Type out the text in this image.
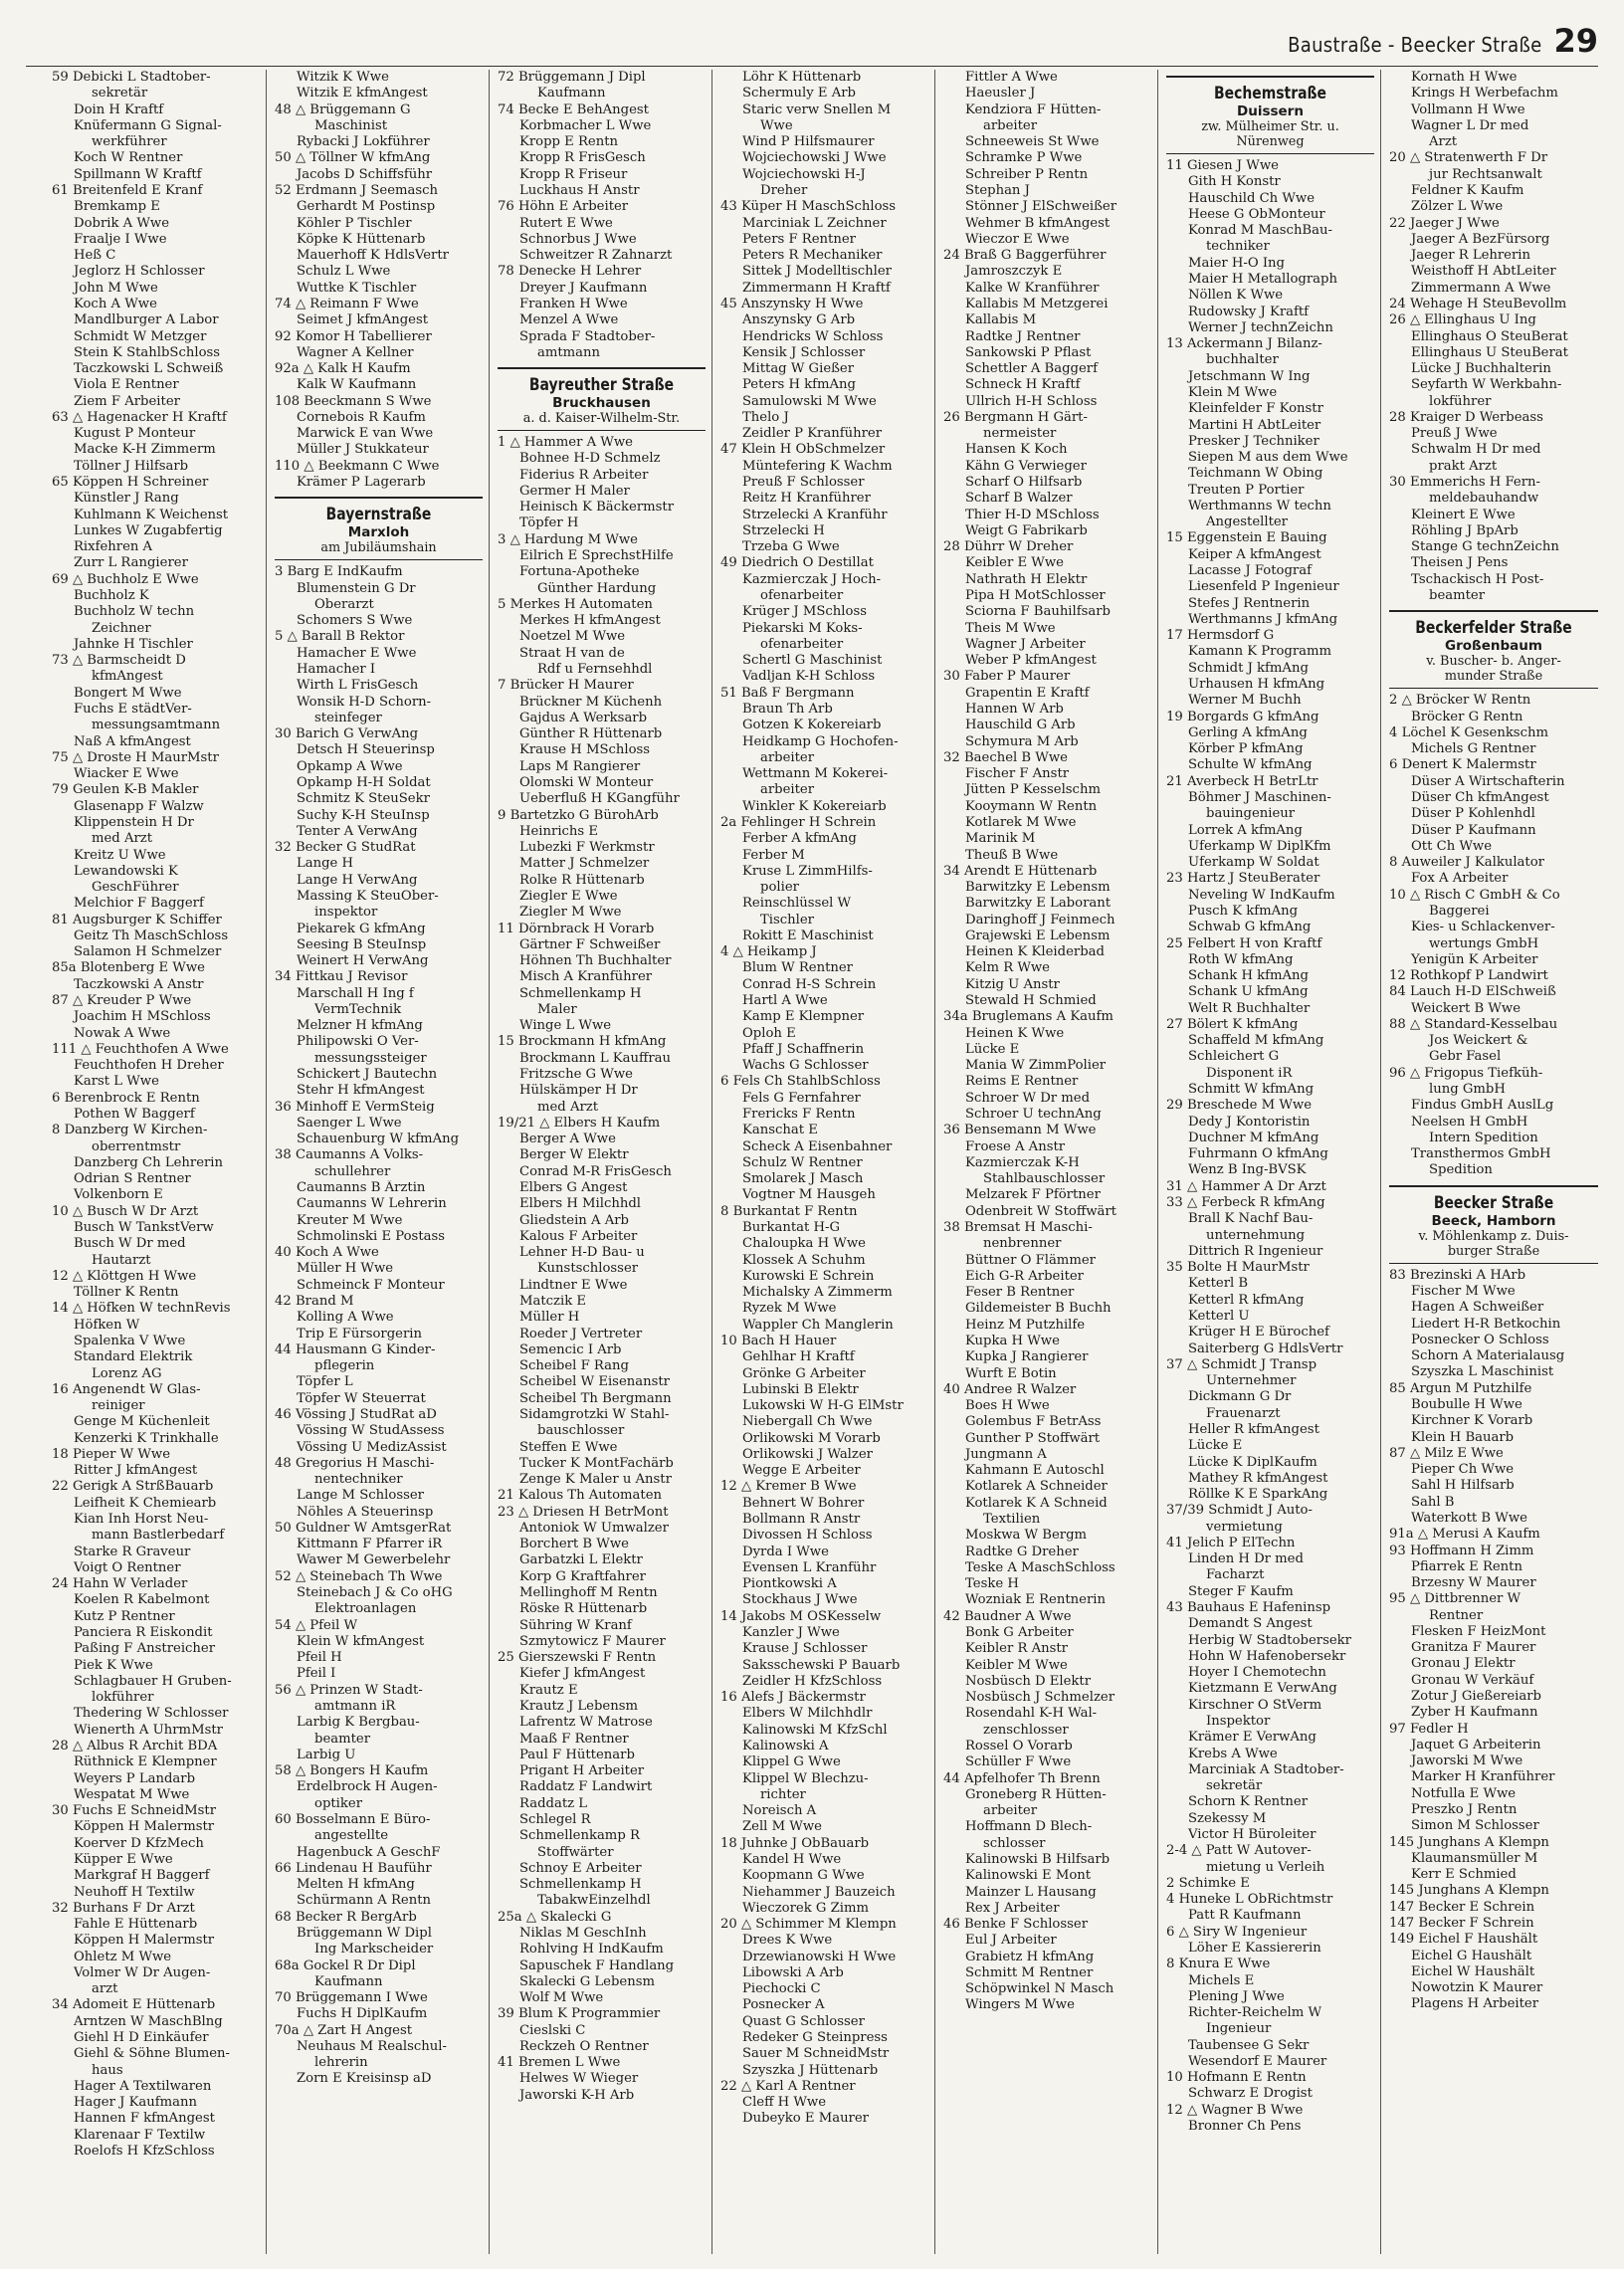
Baustraße - Beecker Straße 29
59 Debicki L Stadtober-
sekretär
Doin H Kraftf
Knüfermann G Signal-
werkführer
Koch W Rentner
Spillmann W Kraftf
61 Breitenfeld E Kranf
Bremkamp E
Dobrik A Wwe
Fraalje I Wwe
Heß C
Jeglorz H Schlosser
John M Wwe
Koch A Wwe
Mandlburger A Labor
Schmidt W Metzger
Stein K StahlbSchloss
Taczkowski L Schweiß
Viola E Rentner
Ziem F Arbeiter
63 △ Hagenacker H Kraftf
Kugust P Monteur
Macke K-H Zimmerm
Töllner J Hilfsarb
65 Köppen H Schreiner
Künstler J Rang
Kuhlmann K Weichenst
Lunkes W Zugabfertig
Rixfehren A
Zurr L Rangierer
69 △ Buchholz E Wwe
Buchholz K
Buchholz W techn
Zeichner
Jahnke H Tischler
73 △ Barmscheidt D
kfmAngest
Bongert M Wwe
Fuchs E städtVer-
messungsamtmann
Naß A kfmAngest
75 △ Droste H MaurMstr
Wiacker E Wwe
79 Geulen K-B Makler
Glasenapp F Walzw
Klippenstein H Dr
med Arzt
Kreitz U Wwe
Lewandowski K
GeschFührer
Melchior F Baggerf
81 Augsburger K Schiffer
Geitz Th MaschSchloss
Salamon H Schmelzer
85a Blotenberg E Wwe
Taczkowski A Anstr
87 △ Kreuder P Wwe
Joachim H MSchloss
Nowak A Wwe
111 △ Feuchthofen A Wwe
Feuchthofen H Dreher
Karst L Wwe
6 Berenbrock E Rentn
Pothen W Baggerf
8 Danzberg W Kirchen-
oberrentmstr
Danzberg Ch Lehrerin
Odrian S Rentner
Volkenborn E
10 △ Busch W Dr Arzt
Busch W TankstVerw
Busch W Dr med
Hautarzt
12 △ Klöttgen H Wwe
Töllner K Rentn
14 △ Höfken W technRevis
Höfken W
Spalenka V Wwe
Standard Elektrik
Lorenz AG
16 Angenendt W Glas-
reiniger
Genge M Küchenleit
Kenzerki K Trinkhalle
18 Pieper W Wwe
Ritter J kfmAngest
22 Gerigk A StrßBauarb
Leifheit K Chemiearb
Kian Inh Horst Neu-
mann Bastlerbedarf
Starke R Graveur
Voigt O Rentner
24 Hahn W Verlader
Koelen R Kabelmont
Kutz P Rentner
Panciera R Eiskondit
Paßing F Anstreicher
Piek K Wwe
Schlagbauer H Gruben-
lokführer
Thedering W Schlosser
Wienerth A UhrmMstr
28 △ Albus R Archit BDA
Rüthnick E Klempner
Weyers P Landarb
Wespatat M Wwe
30 Fuchs E SchneidMstr
Köppen H Malermstr
Koerver D KfzMech
Küpper E Wwe
Markgraf H Baggerf
Neuhoff H Textilw
32 Burhans F Dr Arzt
Fahle E Hüttenarb
Köppen H Malermstr
Ohletz M Wwe
Volmer W Dr Augen-
arzt
34 Adomeit E Hüttenarb
Arntzen W MaschBlng
Giehl H D Einkäufer
Giehl & Söhne Blumen-
haus
Hager A Textilwaren
Hager J Kaufmann
Hannen F kfmAngest
Klarenaar F Textilw
Roelofs H KfzSchloss
Witzik K Wwe
Witzik E kfmAngest
48 △ Brüggemann G
Maschinist
Rybacki J Lokführer
50 △ Töllner W kfmAng
Jacobs D Schiffsführ
52 Erdmann J Seemasch
Gerhardt M Postinsp
Köhler P Tischler
Köpke K Hüttenarb
Mauerhoff K HdlsVertr
Schulz L Wwe
Wuttke K Tischler
74 △ Reimann F Wwe
Seimet J kfmAngest
92 Komor H Tabellierer
Wagner A Kellner
92a △ Kalk H Kaufm
Kalk W Kaufmann
108 Beeckmann S Wwe
Cornebois R Kaufm
Marwick E van Wwe
Müller J Stukkateur
110 △ Beekmann C Wwe
Krämer P Lagerarb
Bayernstraße
Marxloh
am Jubiläumshain
3 Barg E IndKaufm
Blumenstein G Dr
Oberarzt
Schomers S Wwe
5 △ Barall B Rektor
Hamacher E Wwe
Hamacher I
Wirth L FrisGesch
Wonsik H-D Schorn-
steinfeger
30 Barich G VerwAng
Detsch H Steuerinsp
Opkamp A Wwe
Opkamp H-H Soldat
Schmitz K SteuSekr
Suchy K-H SteuInsp
Tenter A VerwAng
32 Becker G StudRat
Lange H
Lange H VerwAng
Massing K SteuOber-
inspektor
Piekarek G kfmAng
Seesing B SteuInsp
Weinert H VerwAng
34 Fittkau J Revisor
Marschall H Ing f
VermTechnik
Melzner H kfmAng
Philipowski O Ver-
messungssteiger
Schickert J Bautechn
Stehr H kfmAngest
36 Minhoff E VermSteig
Saenger L Wwe
Schauenburg W kfmAng
38 Caumanns A Volks-
schullehrer
Caumanns B Ärztin
Caumanns W Lehrerin
Kreuter M Wwe
Schmolinski E Postass
40 Koch A Wwe
Müller H Wwe
Schmeinck F Monteur
42 Brand M
Kolling A Wwe
Trip E Fürsorgerin
44 Hausmann G Kinder-
pflegerin
Töpfer L
Töpfer W Steuerrat
46 Vössing J StudRat aD
Vössing W StudAssess
Vössing U MedizAssist
48 Gregorius H Maschi-
nentechniker
Lange M Schlosser
Nöhles A Steuerinsp
50 Guldner W AmtsgerRat
Kittmann F Pfarrer iR
Wawer M Gewerbelehr
52 △ Steinebach Th Wwe
Steinebach J & Co oHG
Elektroanlagen
54 △ Pfeil W
Klein W kfmAngest
Pfeil H
Pfeil I
56 △ Prinzen W Stadt-
amtmann iR
Larbig K Bergbau-
beamter
Larbig U
58 △ Bongers H Kaufm
Erdelbrock H Augen-
optiker
60 Bosselmann E Büro-
angestellte
Hagenbuck A GeschF
66 Lindenau H Bauführ
Melten H kfmAng
Schürmann A Rentn
68 Becker R BergArb
Brüggemann W Dipl
Ing Markscheider
68a Gockel R Dr Dipl
Kaufmann
70 Brüggemann I Wwe
Fuchs H DiplKaufm
70a △ Zart H Angest
Neuhaus M Realschul-
lehrerin
Zorn E Kreisinsp aD
72 Brüggemann J Dipl
Kaufmann
74 Becke E BehAngest
Korbmacher L Wwe
Kropp E Rentn
Kropp R FrisGesch
Kropp R Friseur
Luckhaus H Anstr
76 Höhn E Arbeiter
Rutert E Wwe
Schnorbus J Wwe
Schweitzer R Zahnarzt
78 Denecke H Lehrer
Dreyer J Kaufmann
Franken H Wwe
Menzel A Wwe
Sprada F Stadtober-
amtmann
Bayreuther Straße
Bruckhausen
a. d. Kaiser-Wilhelm-Str.
1 △ Hammer A Wwe
Bohnee H-D Schmelz
Fiderius R Arbeiter
Germer H Maler
Heinisch K Bäckermstr
Töpfer H
3 △ Hardung M Wwe
Eilrich E SprechstHilfe
Fortuna-Apotheke
Günther Hardung
5 Merkes H Automaten
Merkes H kfmAngest
Noetzel M Wwe
Straat H van de
Rdf u Fernsehhdl
7 Brücker H Maurer
Brückner M Küchenh
Gajdus A Werksarb
Günther R Hüttenarb
Krause H MSchloss
Laps M Rangierer
Olomski W Monteur
Ueberfluß H KGangführ
9 Bartetzko G BürohArb
Heinrichs E
Lubezki F Werkmstr
Matter J Schmelzer
Rolke R Hüttenarb
Ziegler E Wwe
Ziegler M Wwe
11 Dörnbrack H Vorarb
Gärtner F Schweißer
Höhnen Th Buchhalter
Misch A Kranführer
Schmellenkamp H
Maler
Winge L Wwe
15 Brockmann H kfmAng
Brockmann L Kauffrau
Fritzsche G Wwe
Hülskämper H Dr
med Arzt
19/21 △ Elbers H Kaufm
Berger A Wwe
Berger W Elektr
Conrad M-R FrisGesch
Elbers G Angest
Elbers H Milchhdl
Gliedstein A Arb
Kalous F Arbeiter
Lehner H-D Bau- u
Kunstschlosser
Lindtner E Wwe
Matczik E
Müller H
Roeder J Vertreter
Semencic I Arb
Scheibel F Rang
Scheibel W Eisenanstr
Scheibel Th Bergmann
Sidamgrotzki W Stahl-
bauschlosser
Steffen E Wwe
Tucker K MontFachärb
Zenge K Maler u Anstr
21 Kalous Th Automaten
23 △ Driesen H BetrMont
Antoniok W Umwalzer
Borchert B Wwe
Garbatzki L Elektr
Korp G Kraftfahrer
Mellinghoff M Rentn
Röske R Hüttenarb
Sühring W Kranf
Szmytowicz F Maurer
25 Gierszewski F Rentn
Kiefer J kfmAngest
Krautz E
Krautz J Lebensm
Lafrentz W Matrose
Maaß F Rentner
Paul F Hüttenarb
Prigant H Arbeiter
Raddatz F Landwirt
Raddatz L
Schlegel R
Schmellenkamp R
Stoffwärter
Schnoy E Arbeiter
Schmellenkamp H
TabakwEinzelhdl
25a △ Skalecki G
Niklas M GeschInh
Rohlving H IndKaufm
Sapuschek F Handlang
Skalecki G Lebensm
Wolf M Wwe
39 Blum K Programmier
Cieslski C
Reckzeh O Rentner
41 Bremen L Wwe
Helwes W Wieger
Jaworski K-H Arb
Löhr K Hüttenarb
Schermuly E Arb
Staric verw Snellen M
Wwe
Wind P Hilfsmaurer
Wojciechowski J Wwe
Wojciechowski H-J
Dreher
43 Küper H MaschSchloss
Marciniak L Zeichner
Peters F Rentner
Peters R Mechaniker
Sittek J Modelltischler
Zimmermann H Kraftf
45 Anszynsky H Wwe
Anszynsky G Arb
Hendricks W Schloss
Kensik J Schlosser
Mittag W Gießer
Peters H kfmAng
Samulowski M Wwe
Thelo J
Zeidler P Kranführer
47 Klein H ObSchmelzer
Müntefering K Wachm
Preuß F Schlosser
Reitz H Kranführer
Strzelecki A Kranführ
Strzelecki H
Trzeba G Wwe
49 Diedrich O Destillat
Kazmierczak J Hoch-
ofenarbeiter
Krüger J MSchloss
Piekarski M Koks-
ofenarbeiter
Schertl G Maschinist
Vadljan K-H Schloss
51 Baß F Bergmann
Braun Th Arb
Gotzen K Kokereiarb
Heidkamp G Hochofen-
arbeiter
Wettmann M Kokerei-
arbeiter
Winkler K Kokereiarb
2a Fehlinger H Schrein
Ferber A kfmAng
Ferber M
Kruse L ZimmHilfs-
polier
Reinschlüssel W
Tischler
Rokitt E Maschinist
4 △ Heikamp J
Blum W Rentner
Conrad H-S Schrein
Hartl A Wwe
Kamp E Klempner
Oploh E
Pfaff J Schaffnerin
Wachs G Schlosser
6 Fels Ch StahlbSchloss
Fels G Fernfahrer
Frericks F Rentn
Kanschat E
Scheck A Eisenbahner
Schulz W Rentner
Smolarek J Masch
Vogtner M Hausgeh
8 Burkantat F Rentn
Burkantat H-G
Chaloupka H Wwe
Klossek A Schuhm
Kurowski E Schrein
Michalsky A Zimmerm
Ryzek M Wwe
Wappler Ch Manglerin
10 Bach H Hauer
Gehlhar H Kraftf
Grönke G Arbeiter
Lubinski B Elektr
Lukowski W H-G ElMstr
Niebergall Ch Wwe
Orlikowski M Vorarb
Orlikowski J Walzer
Wegge E Arbeiter
12 △ Kremer B Wwe
Behnert W Bohrer
Bollmann R Anstr
Divossen H Schloss
Dyrda I Wwe
Evensen L Kranführ
Piontkowski A
Stockhaus J Wwe
14 Jakobs M OSKesselw
Kanzler J Wwe
Krause J Schlosser
Saksschewski P Bauarb
Zeidler H KfzSchloss
16 Alefs J Bäckermstr
Elbers W Milchhdlr
Kalinowski M KfzSchl
Kalinowski A
Klippel G Wwe
Klippel W Blechzu-
richter
Noreisch A
Zell M Wwe
18 Juhnke J ObBauarb
Kandel H Wwe
Koopmann G Wwe
Niehammer J Bauzeich
Wieczorek G Zimm
20 △ Schimmer M Klempn
Drees K Wwe
Drzewianowski H Wwe
Libowski A Arb
Piechocki C
Posnecker A
Quast G Schlosser
Redeker G Steinpress
Sauer M SchneidMstr
Szyszka J Hüttenarb
22 △ Karl A Rentner
Cleff H Wwe
Dubeyko E Maurer
Fittler A Wwe
Haeusler J
Kendziora F Hütten-
arbeiter
Schneeweis St Wwe
Schramke P Wwe
Schreiber P Rentn
Stephan J
Stönner J ElSchweißer
Wehmer B kfmAngest
Wieczor E Wwe
24 Braß G Baggerführer
Jamroszczyk E
Kalke W Kranführer
Kallabis M Metzgerei
Kallabis M
Radtke J Rentner
Sankowski P Pflast
Schettler A Baggerf
Schneck H Kraftf
Ullrich H-H Schloss
26 Bergmann H Gärt-
nermeister
Hansen K Koch
Kähn G Verwieger
Scharf O Hilfsarb
Scharf B Walzer
Thier H-D MSchloss
Weigt G Fabrikarb
28 Dührr W Dreher
Keibler E Wwe
Nathrath H Elektr
Pipa H MotSchlosser
Sciorna F Bauhilfsarb
Theis M Wwe
Wagner J Arbeiter
Weber P kfmAngest
30 Faber P Maurer
Grapentin E Kraftf
Hannen W Arb
Hauschild G Arb
Schymura M Arb
32 Baechel B Wwe
Fischer F Anstr
Jütten P Kesselschm
Kooymann W Rentn
Kotlarek M Wwe
Marinik M
Theuß B Wwe
34 Arendt E Hüttenarb
Barwitzky E Lebensm
Barwitzky E Laborant
Daringhoff J Feinmech
Grajewski E Lebensm
Heinen K Kleiderbad
Kelm R Wwe
Kitzig U Anstr
Stewald H Schmied
34a Bruglemans A Kaufm
Heinen K Wwe
Lücke E
Mania W ZimmPolier
Reims E Rentner
Schroer W Dr med
Schroer U technAng
36 Bensemann M Wwe
Froese A Anstr
Kazmierczak K-H
Stahlbauschlosser
Melzarek F Pförtner
Odenbreit W Stoffwärt
38 Bremsat H Maschi-
nenbrenner
Büttner O Flämmer
Eich G-R Arbeiter
Feser B Rentner
Gildemeister B Buchh
Heinz M Putzhilfe
Kupka H Wwe
Kupka J Rangierer
Wurft E Botin
40 Andree R Walzer
Boes H Wwe
Golembus F BetrAss
Gunther P Stoffwärt
Jungmann A
Kahmann E Autoschl
Kotlarek A Schneider
Kotlarek K A Schneid
Textilien
Moskwa W Bergm
Radtke G Dreher
Teske A MaschSchloss
Teske H
Wozniak E Rentnerin
42 Baudner A Wwe
Bonk G Arbeiter
Keibler R Anstr
Keibler M Wwe
Nosbüsch D Elektr
Nosbüsch J Schmelzer
Rosendahl K-H Wal-
zenschlosser
Rossel O Vorarb
Schüller F Wwe
44 Apfelhofer Th Brenn
Groneberg R Hütten-
arbeiter
Hoffmann D Blech-
schlosser
Kalinowski B Hilfsarb
Kalinowski E Mont
Mainzer L Hausang
Rex J Arbeiter
46 Benke F Schlosser
Eul J Arbeiter
Grabietz H kfmAng
Schmitt M Rentner
Schöpwinkel N Masch
Wingers M Wwe
Bechemstraße
Duissern
zw. Mülheimer Str. u.
Nürenweg
11 Giesen J Wwe
Gith H Konstr
Hauschild Ch Wwe
Heese G ObMonteur
Konrad M MaschBau-
techniker
Maier H-O Ing
Maier H Metallograph
Nöllen K Wwe
Rudowsky J Kraftf
Werner J technZeichn
13 Ackermann J Bilanz-
buchhalter
Jetschmann W Ing
Klein M Wwe
Kleinfelder F Konstr
Martini H AbtLeiter
Presker J Techniker
Siepen M aus dem Wwe
Teichmann W Obing
Treuten P Portier
Werthmanns W techn
Angestellter
15 Eggenstein E Bauing
Keiper A kfmAngest
Lacasse J Fotograf
Liesenfeld P Ingenieur
Stefes J Rentnerin
Werthmanns J kfmAng
17 Hermsdorf G
Kamann K Programm
Schmidt J kfmAng
Urhausen H kfmAng
Werner M Buchh
19 Borgards G kfmAng
Gerling A kfmAng
Körber P kfmAng
Schulte W kfmAng
21 Averbeck H BetrLtr
Böhmer J Maschinen-
bauingenieur
Lorrek A kfmAng
Uferkamp W DiplKfm
Uferkamp W Soldat
23 Hartz J SteuBerater
Neveling W IndKaufm
Pusch K kfmAng
Schwab G kfmAng
25 Felbert H von Kraftf
Roth W kfmAng
Schank H kfmAng
Schank U kfmAng
Welt R Buchhalter
27 Bölert K kfmAng
Schaffeld M kfmAng
Schleichert G
Disponent iR
Schmitt W kfmAng
29 Breschede M Wwe
Dedy J Kontoristin
Duchner M kfmAng
Fuhrmann O kfmAng
Wenz B Ing-BVSK
31 △ Hammer A Dr Arzt
33 △ Ferbeck R kfmAng
Brall K Nachf Bau-
unternehmung
Dittrich R Ingenieur
35 Bolte H MaurMstr
Ketterl B
Ketterl R kfmAng
Ketterl U
Krüger H E Bürochef
Saiterberg G HdlsVertr
37 △ Schmidt J Transp
Unternehmer
Dickmann G Dr
Frauenarzt
Heller R kfmAngest
Lücke E
Lücke K DiplKaufm
Mathey R kfmAngest
Röllke K E SparkAng
37/39 Schmidt J Auto-
vermietung
41 Jelich P ElTechn
Linden H Dr med
Facharzt
Steger F Kaufm
43 Bauhaus E Hafeninsp
Demandt S Angest
Herbig W Stadtobersekr
Hohn W Hafenobersekr
Hoyer I Chemotechn
Kietzmann E VerwAng
Kirschner O StVerm
Inspektor
Krämer E VerwAng
Krebs A Wwe
Marciniak A Stadtober-
sekretär
Schorn K Rentner
Szekessy M
Victor H Büroleiter
2-4 △ Patt W Autover-
mietung u Verleih
2 Schimke E
4 Huneke L ObRichtmstr
Patt R Kaufmann
6 △ Siry W Ingenieur
Löher E Kassiererin
8 Knura E Wwe
Michels E
Plening J Wwe
Richter-Reichelm W
Ingenieur
Taubensee G Sekr
Wesendorf E Maurer
10 Hofmann E Rentn
Schwarz E Drogist
12 △ Wagner B Wwe
Bronner Ch Pens
Kornath H Wwe
Krings H Werbefachm
Vollmann H Wwe
Wagner L Dr med
Arzt
20 △ Stratenwerth F Dr
jur Rechtsanwalt
Feldner K Kaufm
Zölzer L Wwe
22 Jaeger J Wwe
Jaeger A BezFürsorg
Jaeger R Lehrerin
Weisthoff H AbtLeiter
Zimmermann A Wwe
24 Wehage H SteuBevollm
26 △ Ellinghaus U Ing
Ellinghaus O SteuBerat
Ellinghaus U SteuBerat
Lücke J Buchhalterin
Seyfarth W Werkbahn-
lokführer
28 Kraiger D Werbeass
Preuß J Wwe
Schwalm H Dr med
prakt Arzt
30 Emmerichs H Fern-
meldebauhandw
Kleinert E Wwe
Röhling J BpArb
Stange G technZeichn
Theisen J Pens
Tschackisch H Post-
beamter
Beckerfelder Straße
Großenbaum
v. Buscher- b. Anger-
munder Straße
2 △ Bröcker W Rentn
Bröcker G Rentn
4 Löchel K Gesenkschm
Michels G Rentner
6 Denert K Malermstr
Düser A Wirtschafterin
Düser Ch kfmAngest
Düser P Kohlenhdl
Düser P Kaufmann
Ott Ch Wwe
8 Auweiler J Kalkulator
Fox A Arbeiter
10 △ Risch C GmbH & Co
Baggerei
Kies- u Schlackenver-
wertungs GmbH
Yenigün K Arbeiter
12 Rothkopf P Landwirt
84 Lauch H-D ElSchweiß
Weickert B Wwe
88 △ Standard-Kesselbau
Jos Weickert &
Gebr Fasel
96 △ Frigopus Tiefküh-
lung GmbH
Findus GmbH AuslLg
Neelsen H GmbH
Intern Spedition
Transthermos GmbH
Spedition
Beecker Straße
Beeck, Hamborn
v. Möhlenkamp z. Duis-
burger Straße
83 Brezinski A HArb
Fischer M Wwe
Hagen A Schweißer
Liedert H-R Betkochin
Posnecker O Schloss
Schorn A Materialausg
Szyszka L Maschinist
85 Argun M Putzhilfe
Boubulle H Wwe
Kirchner K Vorarb
Klein H Bauarb
87 △ Milz E Wwe
Pieper Ch Wwe
Sahl H Hilfsarb
Sahl B
Waterkott B Wwe
91a △ Merusi A Kaufm
93 Hoffmann H Zimm
Pfiarrek E Rentn
Brzesny W Maurer
95 △ Dittbrenner W
Rentner
Flesken F HeizMont
Granitza F Maurer
Gronau J Elektr
Gronau W Verkäuf
Zotur J Gießereiarb
Zyber H Kaufmann
97 Fedler H
Jaquet G Arbeiterin
Jaworski M Wwe
Marker H Kranführer
Notfulla E Wwe
Preszko J Rentn
Simon M Schlosser
145 Junghans A Klempn
Klaumansmüller M
Kerr E Schmied
145 Junghans A Klempn
147 Becker E Schrein
147 Becker F Schrein
149 Eichel F Haushält
Eichel G Haushält
Eichel W Haushält
Nowotzin K Maurer
Plagens H Arbeiter
